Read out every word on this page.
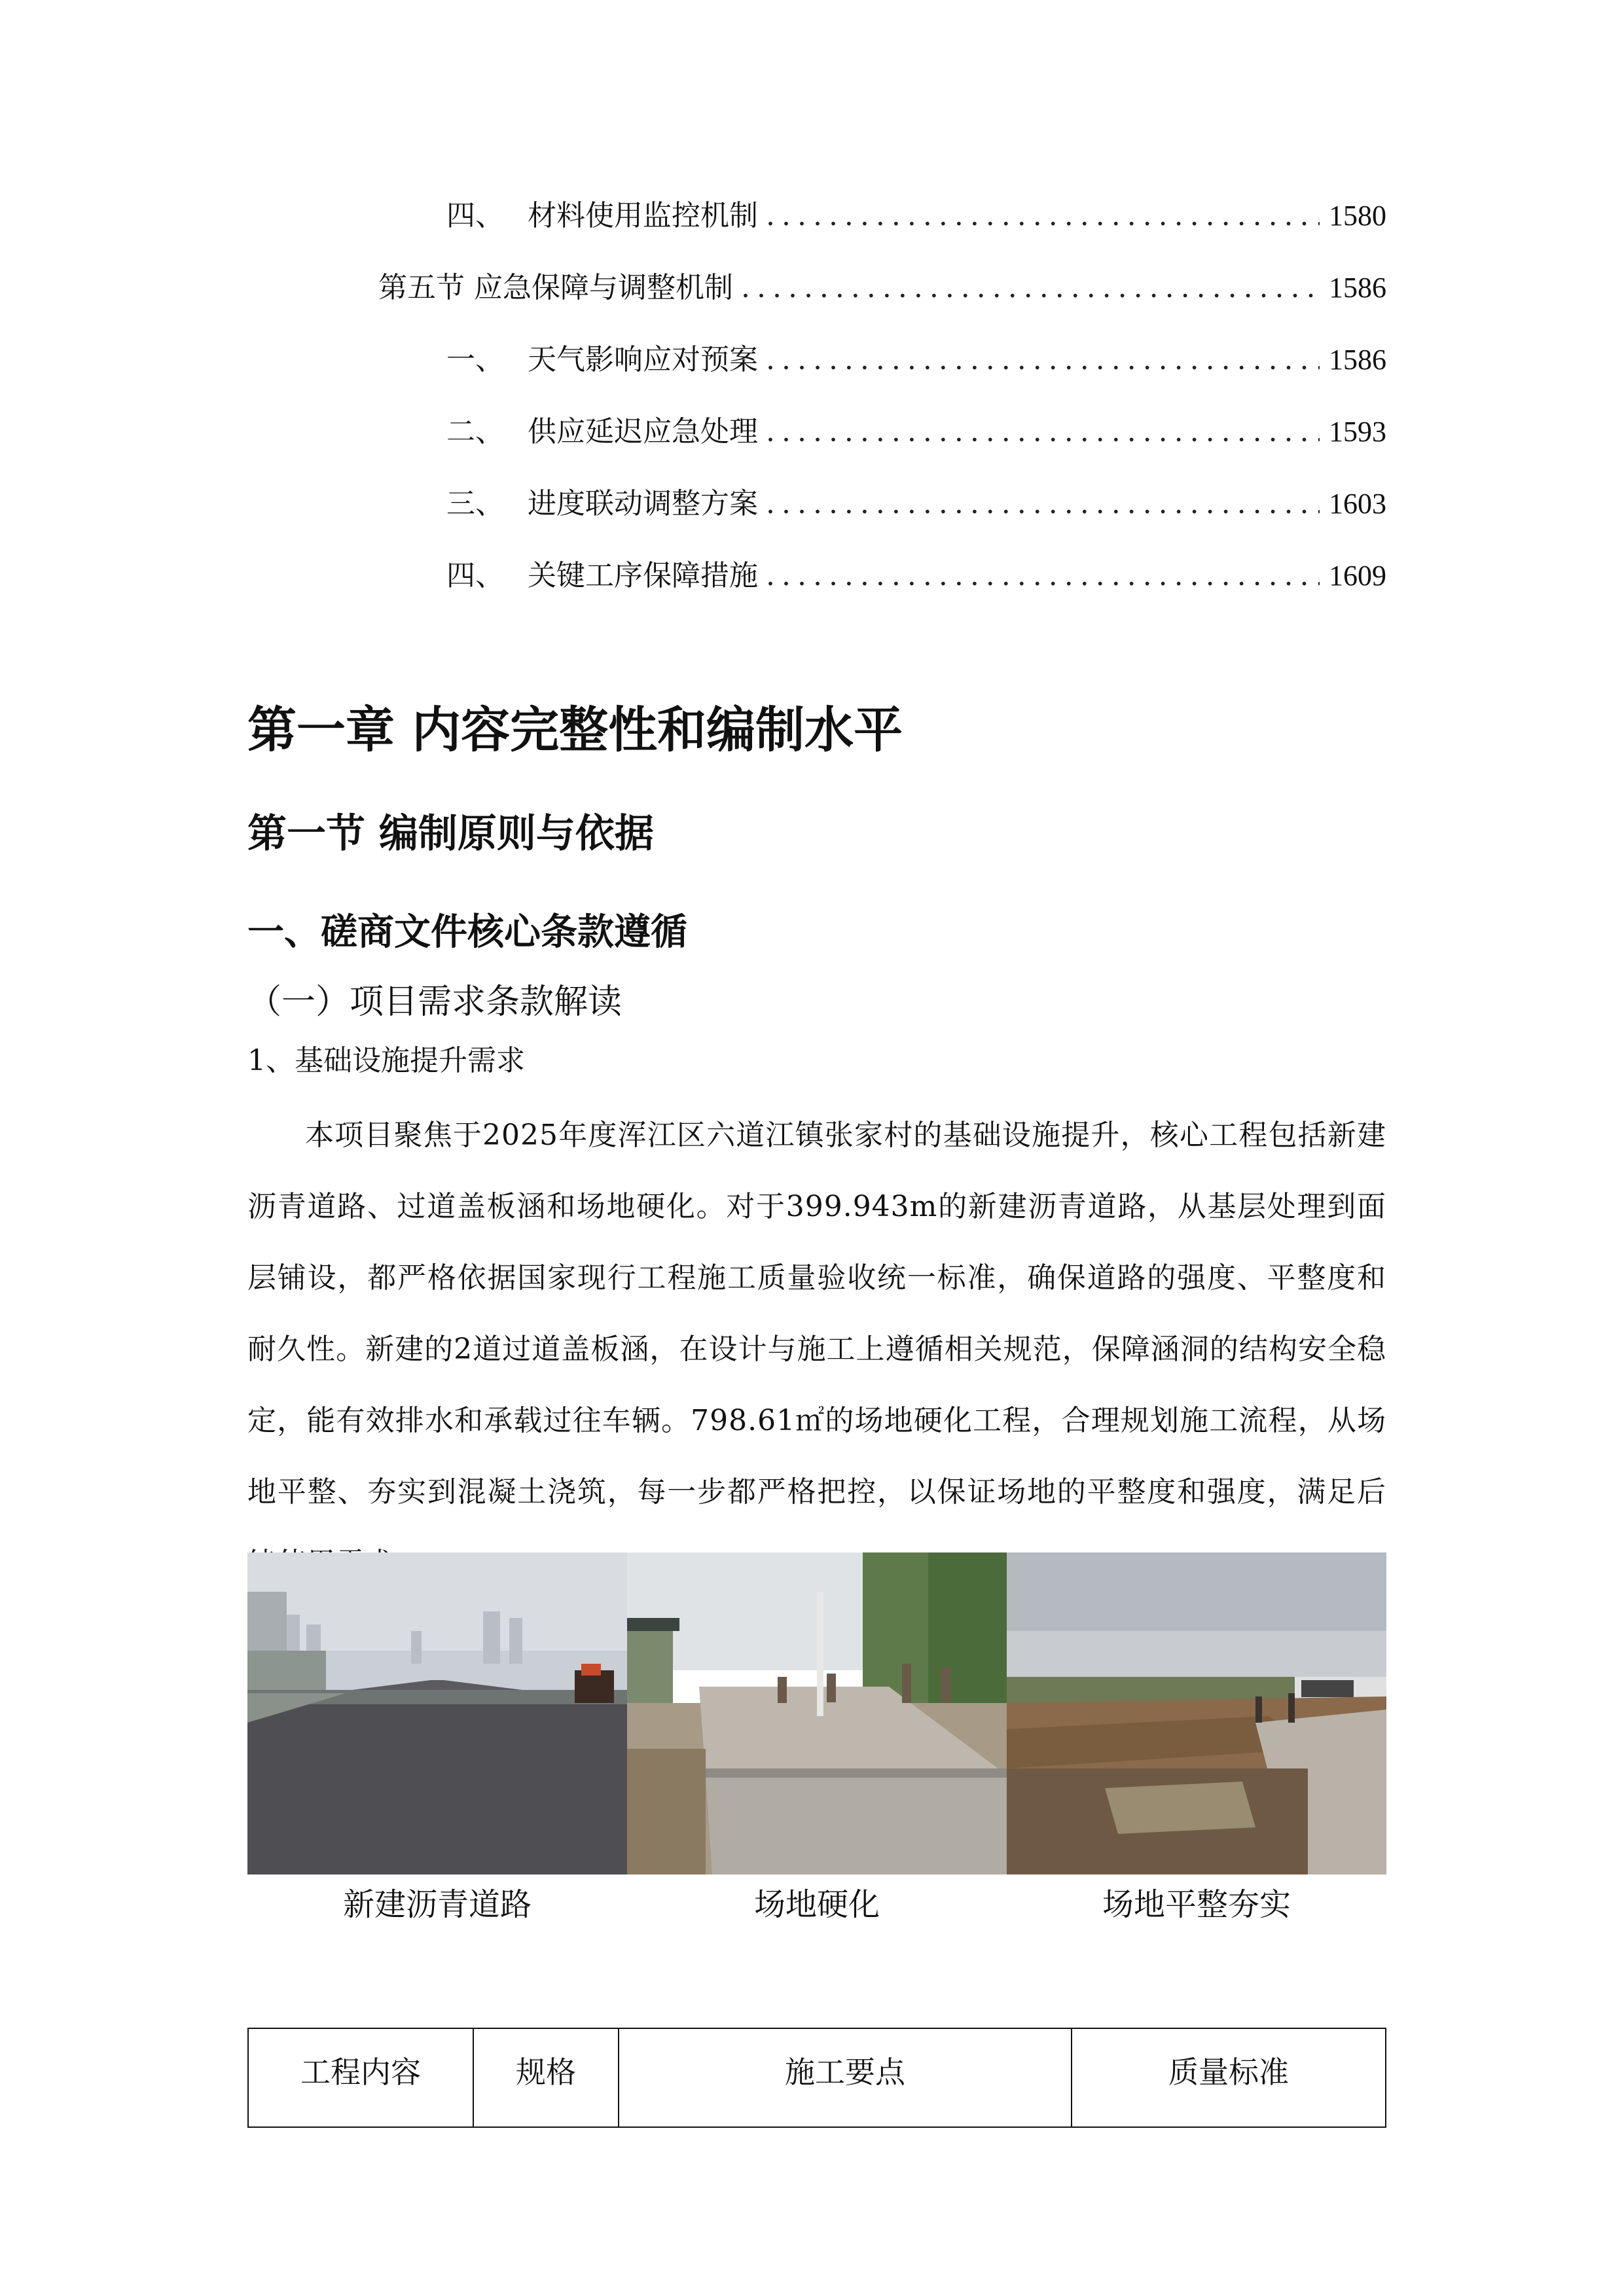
四、 材料使用监控机制 .....	1580
第五节 应急保障与调整机制 .....	1586
一、 天气影响应对预案 .....	1586
二、 供应延迟应急处理 .....	1593
三、 进度联动调整方案 .....	1603
四、 关键工序保障措施 .....	1609
第一章 内容完整性和编制水平
第一节 编制原则与依据
一、磋商文件核心条款遵循
（一）项目需求条款解读
1、基础设施提升需求

本项目聚焦于2025年度浑江区六道江镇张家村的基础设施提升，核心工程包括新建沥青道路、过道盖板涵和场地硬化。对于399.943m的新建沥青道路，从基层处理到面层铺设，都严格依据国家现行工程施工质量验收统一标准，确保道路的强度、平整度和耐久性。新建的2道过道盖板涵，在设计与施工上遵循相关规范，保障涵洞的结构安全稳定，能有效排水和承载过往车辆。798.61㎡的场地硬化工程，合理规划施工流程，从场地平整、夯实到混凝土浇筑，每一步都严格把控，以保证场地的平整度和强度，满足后

新建沥青道路	场地硬化	场地平整夯实
工程内容	规格	施工要点	质量标准
